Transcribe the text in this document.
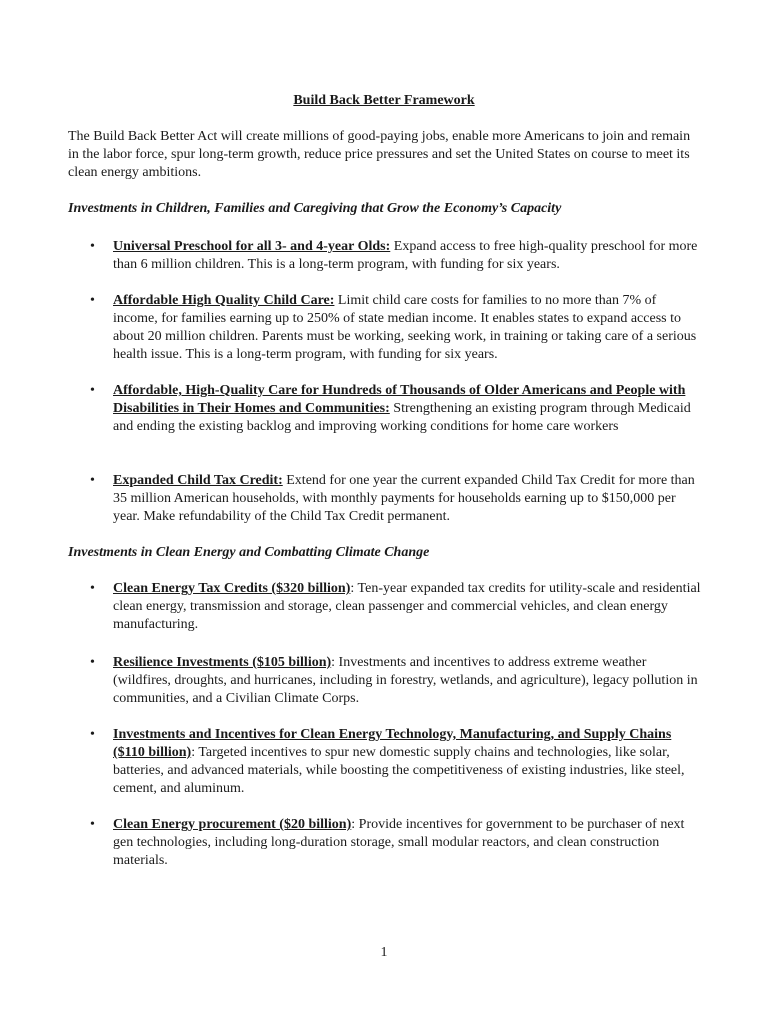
Build Back Better Framework

The Build Back Better Act will create millions of good-paying jobs, enable more Americans to join and remain in the labor force, spur long-term growth, reduce price pressures and set the United States on course to meet its clean energy ambitions.

Investments in Children, Families and Caregiving that Grow the Economy’s Capacity

• Universal Preschool for all 3- and 4-year Olds: Expand access to free high-quality preschool for more than 6 million children. This is a long-term program, with funding for six years.

• Affordable High Quality Child Care: Limit child care costs for families to no more than 7% of income, for families earning up to 250% of state median income. It enables states to expand access to about 20 million children. Parents must be working, seeking work, in training or taking care of a serious health issue. This is a long-term program, with funding for six years.

• Affordable, High-Quality Care for Hundreds of Thousands of Older Americans and People with Disabilities in Their Homes and Communities: Strengthening an existing program through Medicaid and ending the existing backlog and improving working conditions for home care workers

• Expanded Child Tax Credit: Extend for one year the current expanded Child Tax Credit for more than 35 million American households, with monthly payments for households earning up to $150,000 per year. Make refundability of the Child Tax Credit permanent.

Investments in Clean Energy and Combatting Climate Change

• Clean Energy Tax Credits ($320 billion): Ten-year expanded tax credits for utility-scale and residential clean energy, transmission and storage, clean passenger and commercial vehicles, and clean energy manufacturing.

• Resilience Investments ($105 billion): Investments and incentives to address extreme weather (wildfires, droughts, and hurricanes, including in forestry, wetlands, and agriculture), legacy pollution in communities, and a Civilian Climate Corps.

• Investments and Incentives for Clean Energy Technology, Manufacturing, and Supply Chains ($110 billion): Targeted incentives to spur new domestic supply chains and technologies, like solar, batteries, and advanced materials, while boosting the competitiveness of existing industries, like steel, cement, and aluminum.

• Clean Energy procurement ($20 billion): Provide incentives for government to be purchaser of next gen technologies, including long-duration storage, small modular reactors, and clean construction materials.

1
